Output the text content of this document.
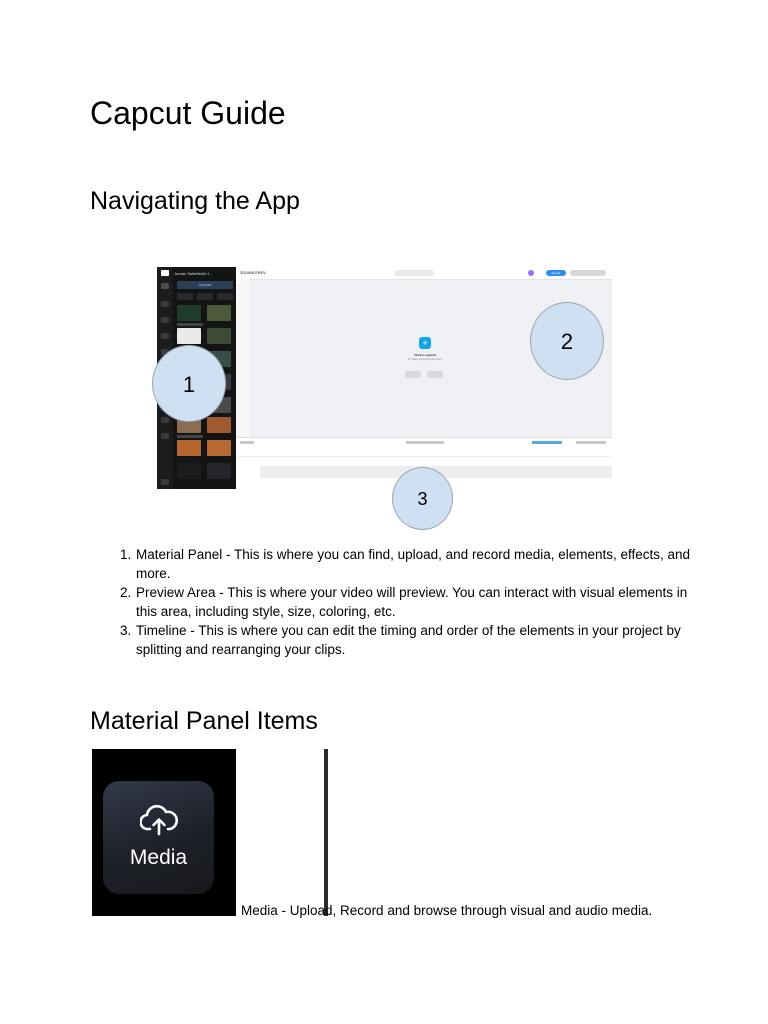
Capcut Guide
Navigating the App
Jordan Saltefield's f...
Upload
20240407KEV	Export
+
Click to upload
Or drag and drop file here
1
2
3
1. Material Panel - This is where you can find, upload, and record media, elements, effects, and more.
2. Preview Area - This is where your video will preview. You can interact with visual elements in this area, including style, size, coloring, etc.
3. Timeline - This is where you can edit the timing and order of the elements in your project by splitting and rearranging your clips.
Material Panel Items
Media
Media - Upload, Record and browse through visual and audio media.
